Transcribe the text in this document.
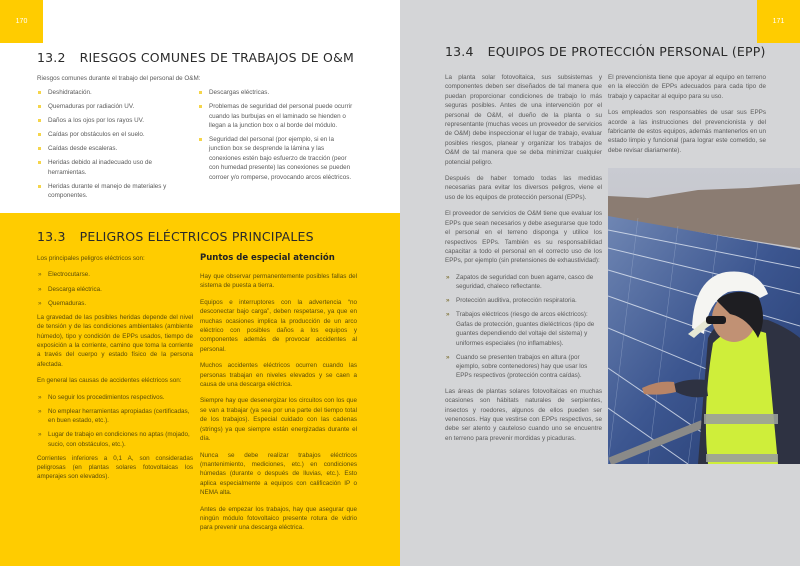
170
13.2 RIESGOS COMUNES DE TRABAJOS DE O&M
Riesgos comunes durante el trabajo del personal de O&M:
Deshidratación.
Quemaduras por radiación UV.
Daños a los ojos por los rayos UV.
Caídas por obstáculos en el suelo.
Caídas desde escaleras.
Heridas debido al inadecuado uso de herramientas.
Heridas durante el manejo de materiales y componentes.
Descargas eléctricas.
Problemas de seguridad del personal puede ocurrir cuando las burbujas en el laminado se hienden o llegan a la junction box o al borde del módulo.
Seguridad del personal (por ejemplo, si en la junction box se desprende la lámina y las conexiones estén bajo esfuerzo de tracción (peor con humedad presente) las conexiones se pueden corroer y/o romperse, provocando arcos eléctricos.
13.3 PELIGROS ELÉCTRICOS PRINCIPALES

Los principales peligros eléctricos son:

» Electrocutarse.
» Descarga eléctrica.
» Quemaduras.

La gravedad de las posibles heridas depende del nivel de tensión y de las condiciones ambientales (ambiente húmedo), tipo y condición de EPPs usados, tiempo de exposición a la corriente, camino que toma la corriente a través del cuerpo y estado físico de la persona afectada.

En general las causas de accidentes eléctricos son:

» No seguir los procedimientos respectivos.
» No emplear herramientas apropiadas (certificadas, en buen estado, etc.).
» Lugar de trabajo en condiciones no aptas (mojado, sucio, con obstáculos, etc.).

Corrientes inferiores a 0,1 A, son consideradas peligrosas (en plantas solares fotovoltaicas los amperajes son elevados).

Puntos de especial atención

Hay que observar permanentemente posibles fallas del sistema de puesta a tierra.

Equipos e interruptores con la advertencia “no desconectar bajo carga”, deben respetarse, ya que en muchas ocasiones implica la producción de un arco eléctrico con posibles daños a los equipos y componentes además de provocar accidentes al personal.

Muchos accidentes eléctricos ocurren cuando las personas trabajan en niveles elevados y se caen a causa de una descarga eléctrica.

Siempre hay que desenergizar los circuitos con los que se van a trabajar (ya sea por una parte del tiempo total de los trabajos). Especial cuidado con las cadenas (strings) ya que siempre están energizadas durante el día.

Nunca se debe realizar trabajos eléctricos (mantenimiento, mediciones, etc.) en condiciones húmedas (durante o después de lluvias, etc.). Esto aplica especialmente a equipos con calificación IP o NEMA alta.

Antes de empezar los trabajos, hay que asegurar que ningún módulo fotovoltaico presente rotura de vidrio para prevenir una descarga eléctrica.

171
13.4 EQUIPOS DE PROTECCIÓN PERSONAL (EPP)

La planta solar fotovoltaica, sus subsistemas y componentes deben ser diseñados de tal manera que puedan proporcionar condiciones de trabajo lo más seguras posibles. Antes de una intervención por el personal de O&M, el dueño de la planta o su representante (muchas veces un proveedor de servicios de O&M) debe inspeccionar el lugar de trabajo, evaluar posibles riesgos, planear y organizar los trabajos de O&M de tal manera que se deba minimizar cualquier potencial peligro.

Después de haber tomado todas las medidas necesarias para evitar los diversos peligros, viene el uso de los equipos de protección personal (EPPs).

El proveedor de servicios de O&M tiene que evaluar los EPPs que sean necesarios y debe asegurarse que todo el personal en el terreno disponga y utilice los respectivos EPPs. También es su responsabilidad capacitar a todo el personal en el correcto uso de los EPPs, por ejemplo (sin pretensiones de exhaustividad):

» Zapatos de seguridad con buen agarre, casco de seguridad, chaleco reflectante.
» Protección auditiva, protección respiratoria.
» Trabajos eléctricos (riesgo de arcos eléctricos): Gafas de protección, guantes dieléctricos (tipo de guantes dependiendo del voltaje del sistema) y uniformes especiales (no inflamables).
» Cuando se presenten trabajos en altura (por ejemplo, sobre contenedores) hay que usar los EPPs respectivos (protección contra caídas).

Las áreas de plantas solares fotovoltaicas en muchas ocasiones son hábitats naturales de serpientes, insectos y roedores, algunos de ellos pueden ser venenosos. Hay que vestirse con EPPs respectivos, se debe ser atento y cauteloso cuando uno se encuentre en terreno para prevenir mordidas y picaduras.

El prevencionista tiene que apoyar al equipo en terreno en la elección de EPPs adecuados para cada tipo de trabajo y capacitar al equipo para su uso.

Los empleados son responsables de usar sus EPPs acorde a las instrucciones del prevencionista y del fabricante de estos equipos, además mantenerlos en un estado limpio y funcional (para lograr este cometido, se debe revisar diariamente).
